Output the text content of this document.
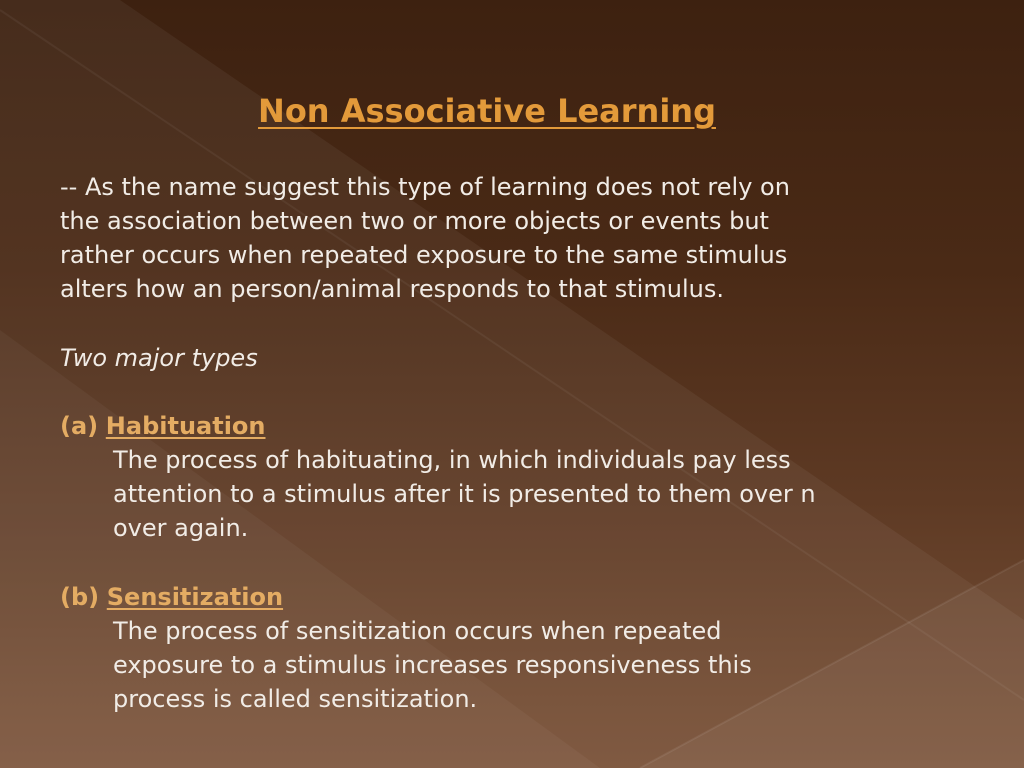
Non Associative Learning
-- As the name suggest this type of learning does not rely on
the association between two or more objects or events but
rather occurs when repeated exposure to the same stimulus
alters how an person/animal responds to that stimulus.
Two major types
(a) Habituation
The process of habituating, in which individuals pay less
attention to a stimulus after it is presented to them over n
over again.
(b) Sensitization
The process of sensitization occurs when repeated
exposure to a stimulus increases responsiveness this
process is called sensitization.
